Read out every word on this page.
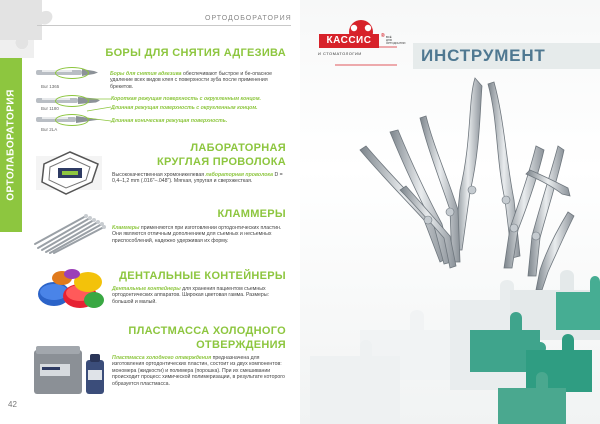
ОРТОЛАБОРАТОРИЯ
ОРТОДОБОРАТОРИЯ
БОРЫ ДЛЯ СНЯТИЯ АДГЕЗИВА
Bur 1365
Bur 1180
Bur 2LA
Боры для снятия адгезива обеспечивают быстрое и бе-опасное удаление всех видов клея с поверхности зуба после применения брекетов.
Короткая режущая поверхность с округленным концом.
Длинная режущая поверхность с округленным концом.
Длинная коническая режущая поверхность.
ЛАБОРАТОРНАЯ
КРУГЛАЯ ПРОВОЛОКА
Высококачественная хромоникелевая лабораторная проволока D = 0,4–1,2 mm (.016"–.048"). Мягкая, упругая и сверхжесткая.
КЛАММЕРЫ
Кламмеры применяются при изготовлении ортодонтических пластин. Они являются отличным дополнением для съемных и несъемных приспособлений, надежно удерживая их форму.
ДЕНТАЛЬНЫЕ КОНТЕЙНЕРЫ
Дентальные контейнеры для хранения пациентом съемных ортодонтических аппаратов. Широкая цветовая гамма. Размеры: большой и малый.
ПЛАСТМАССА ХОЛОДНОГО
ОТВЕРЖДЕНИЯ
Пластмасса холодного отверждения предназначена для изготовления ортодонтических пластин, состоит из двух компонентов: мономера (жидкости) и полимера (порошка). При их смешивании происходит процесс химической полимеризации, в результате которого образуется пластмасса.
42
КАССИС	® ВСЁ ДЛЯ ОРТОДОНТИИ
И СТОМАТОЛОГИИ	ИНСТРУМЕНТ
